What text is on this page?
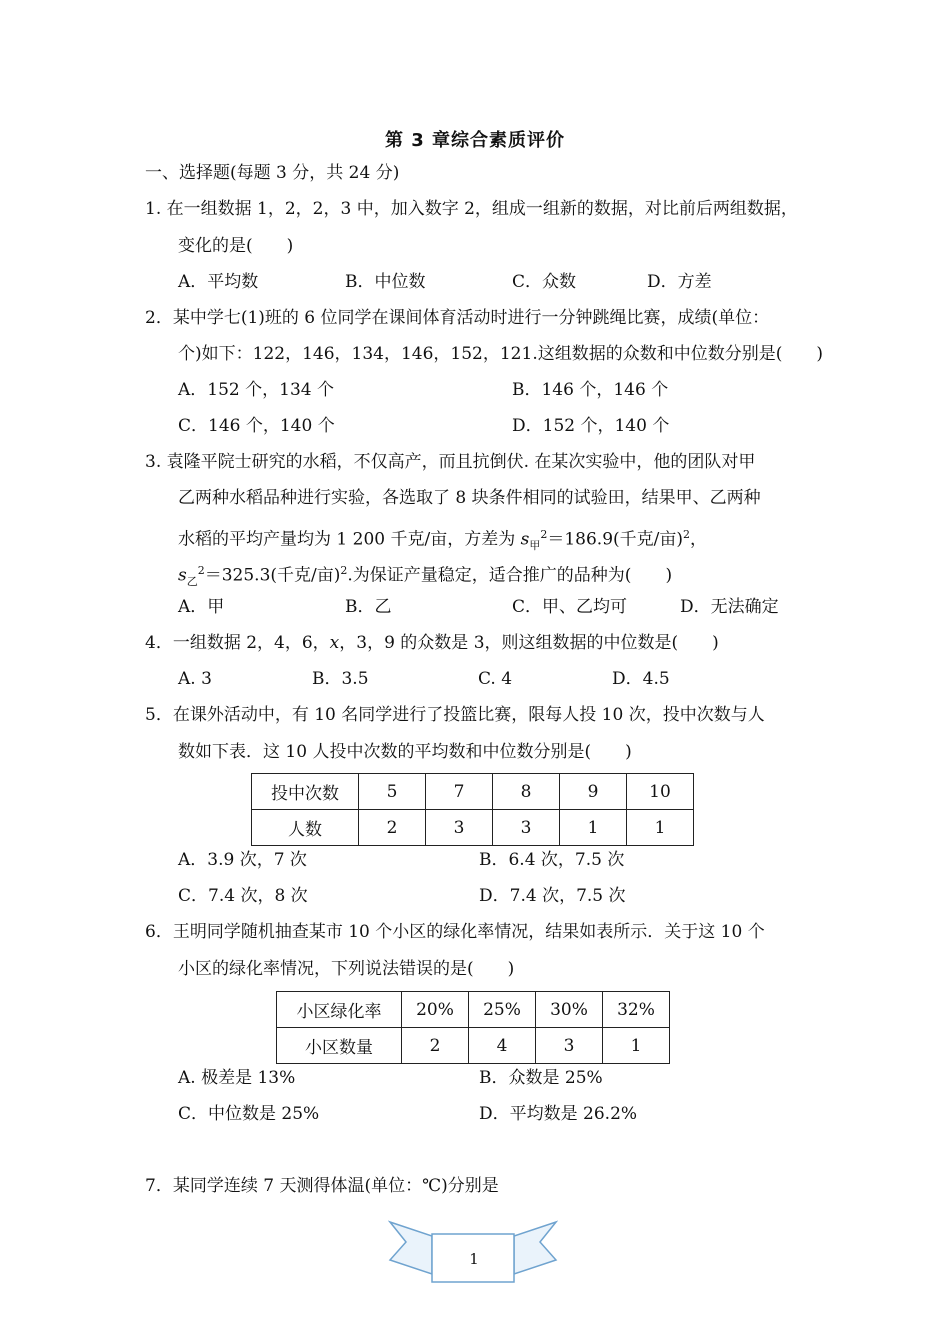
第 3 章综合素质评价
一、选择题(每题 3 分，共 24 分)
1. 在一组数据 1，2，2，3 中，加入数字 2，组成一组新的数据，对比前后两组数据，
变化的是(　　)
A．平均数	B．中位数	C．众数	D．方差
2．某中学七(1)班的 6 位同学在课间体育活动时进行一分钟跳绳比赛，成绩(单位：
个)如下：122，146，134，146，152，121.这组数据的众数和中位数分别是(　　)
A．152 个，134 个	B．146 个，146 个
C．146 个，140 个	D．152 个，140 个
3. 袁隆平院士研究的水稻，不仅高产，而且抗倒伏. 在某次实验中，他的团队对甲
乙两种水稻品种进行实验，各选取了 8 块条件相同的试验田，结果甲、乙两种
水稻的平均产量均为 1 200 千克/亩，方差为 $s_甲^2=186.9$(千克/亩)$^2$，
$s_乙^2=325.3$(千克/亩)$^2$.为保证产量稳定，适合推广的品种为(　　)
A．甲	B．乙	C．甲、乙均可	D．无法确定
4．一组数据 2，4，6，x，3，9 的众数是 3，则这组数据的中位数是(　　)
A. 3	B．3.5	C. 4	D．4.5
5．在课外活动中，有 10 名同学进行了投篮比赛，限每人投 10 次，投中次数与人
数如下表．这 10 人投中次数的平均数和中位数分别是(　　)
投中次数	5	7	8	9	10
人数	2	3	3	1	1
A．3.9 次，7 次	B．6.4 次，7.5 次
C．7.4 次，8 次	D．7.4 次，7.5 次
6．王明同学随机抽查某市 10 个小区的绿化率情况，结果如表所示．关于这 10 个
小区的绿化率情况，下列说法错误的是(　　)
小区绿化率	20%	25%	30%	32%
小区数量	2	4	3	1
A. 极差是 13%	B．众数是 25%
C．中位数是 25%	D．平均数是 26.2%
7．某同学连续 7 天测得体温(单位：℃)分别是
1
